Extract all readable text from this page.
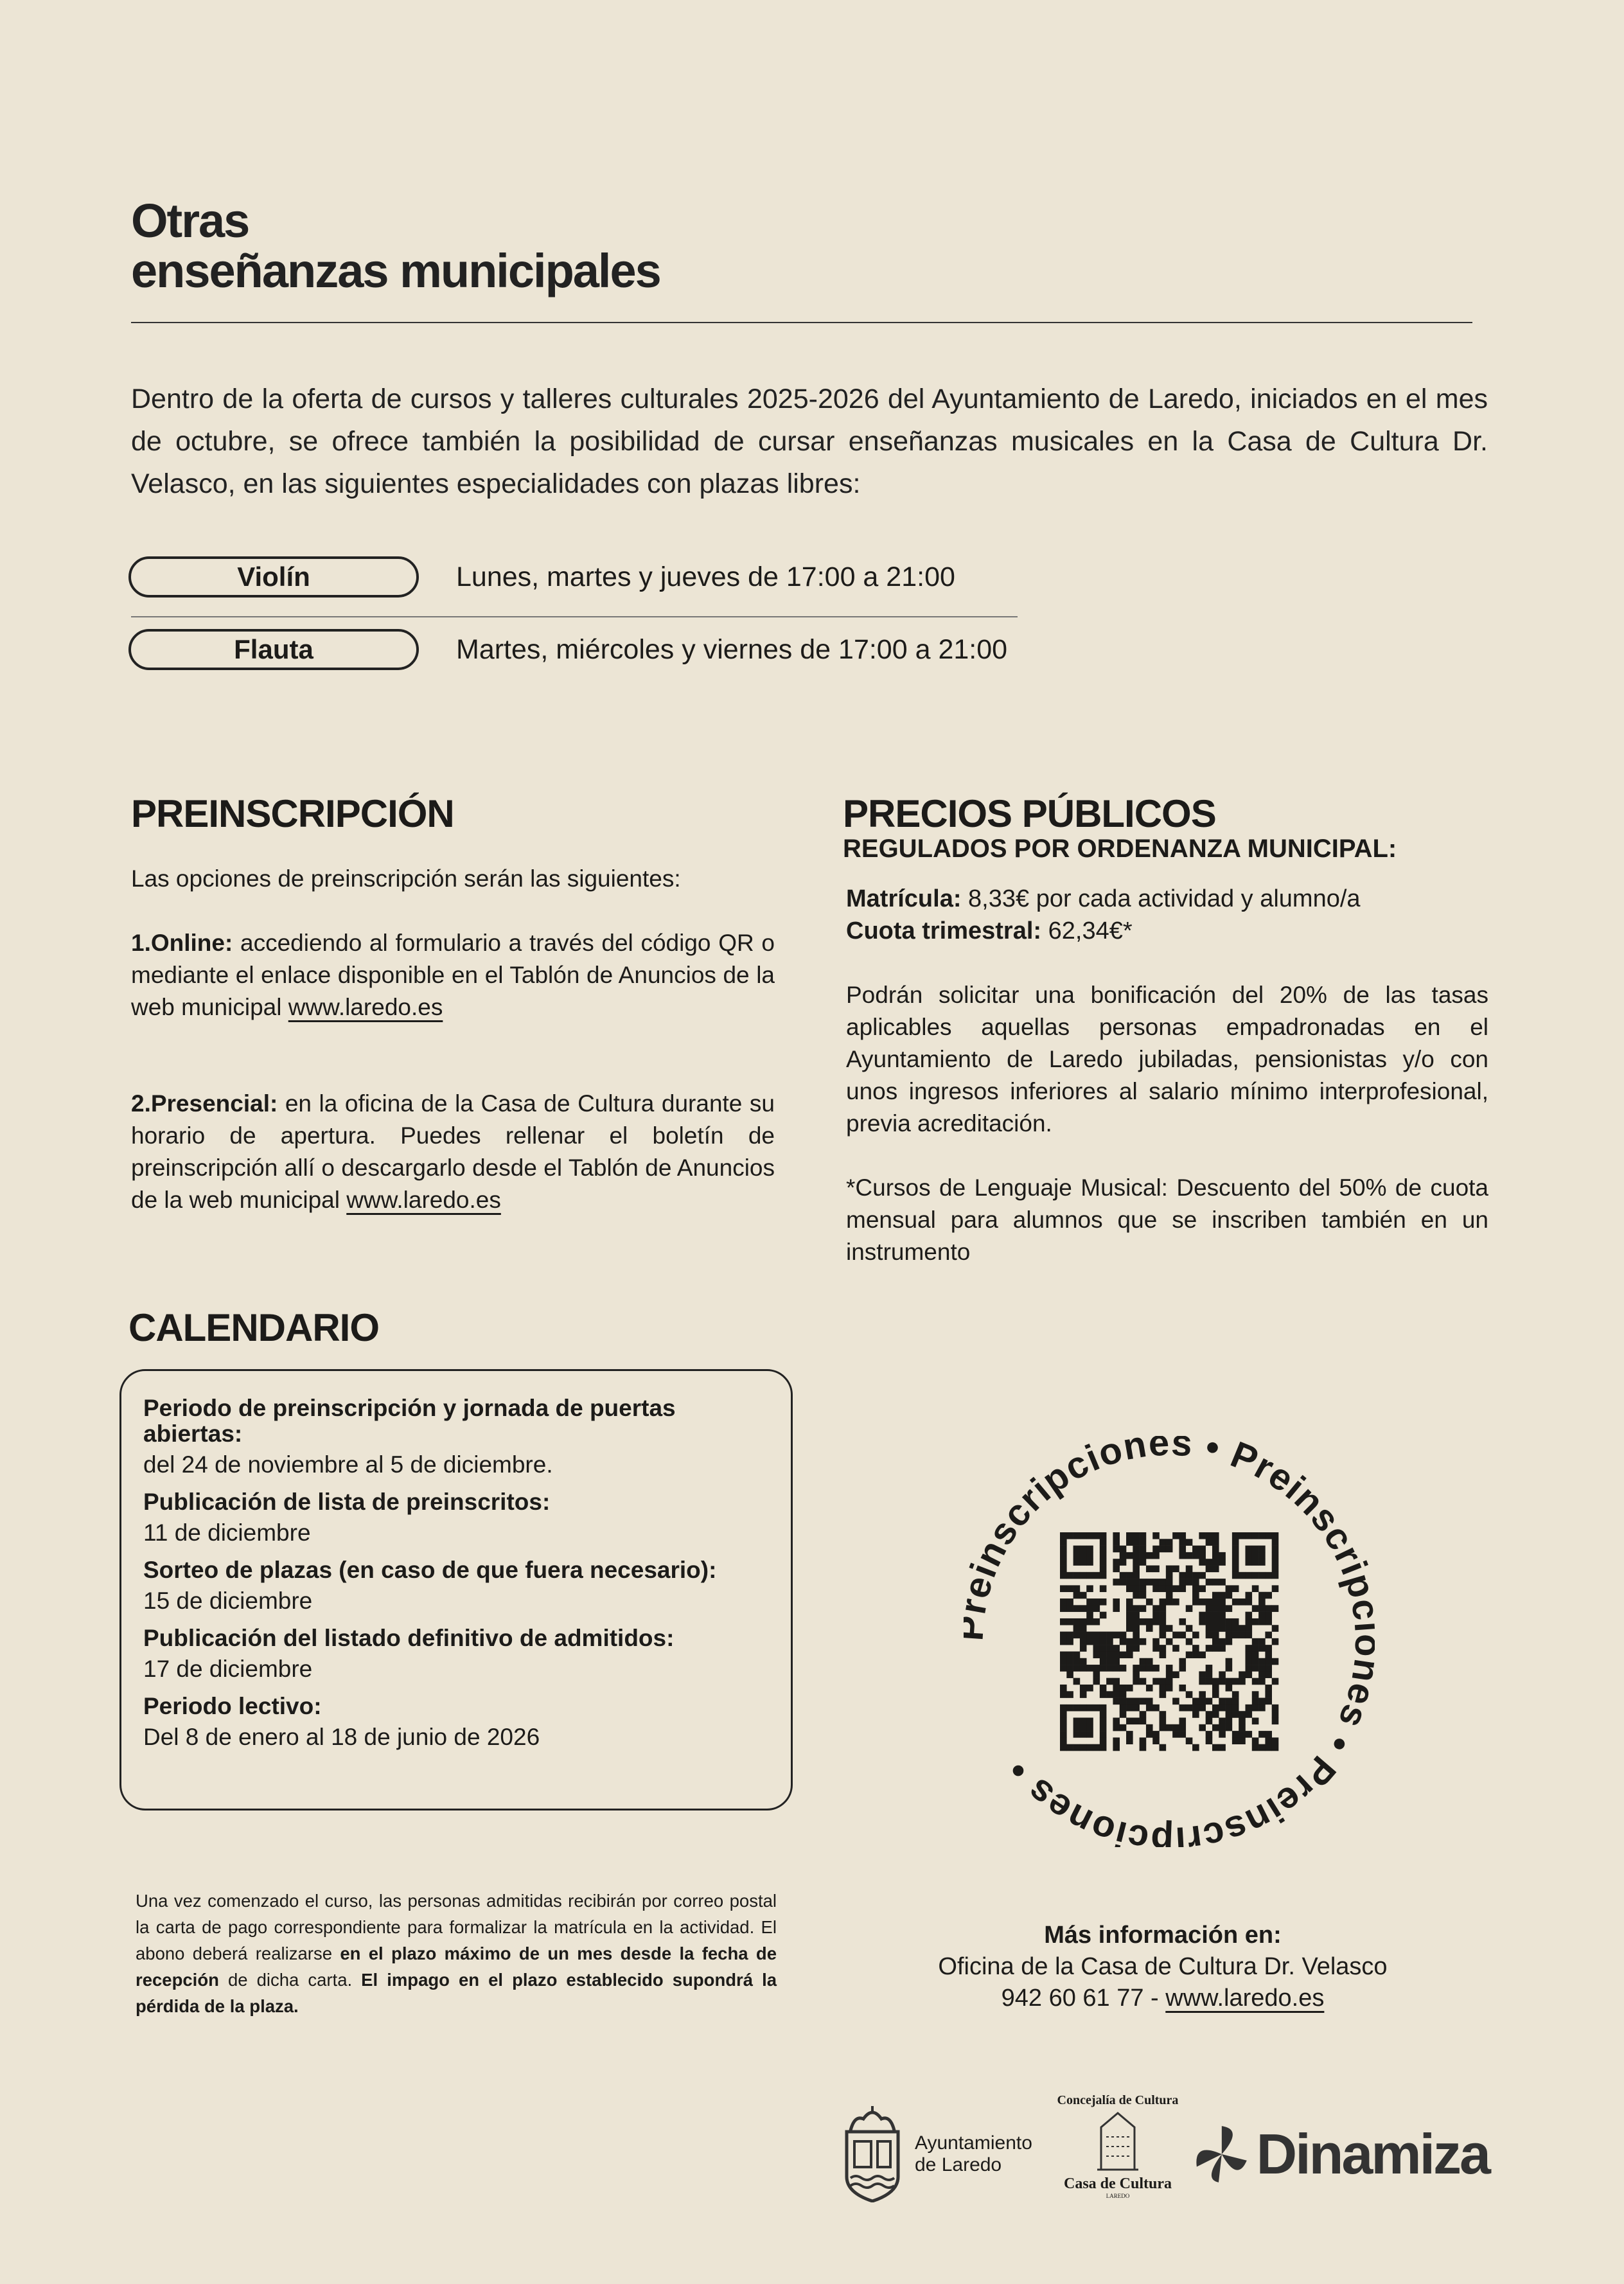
Otras
enseñanzas municipales
Dentro de la oferta de cursos y talleres culturales 2025-2026 del Ayuntamiento de Laredo, iniciados en el mes de octubre, se ofrece también la posibilidad de cursar enseñanzas musicales en la Casa de Cultura Dr. Velasco, en las siguientes especialidades con plazas libres:
Violín	Lunes, martes y jueves de 17:00 a 21:00
Flauta	Martes, miércoles y viernes de 17:00 a 21:00
PREINSCRIPCIÓN

Las opciones de preinscripción serán las siguientes:

1.Online: accediendo al formulario a través del código QR o mediante el enlace disponible en el Tablón de Anuncios de la web municipal www.laredo.es

2.Presencial: en la oficina de la Casa de Cultura durante su horario de apertura. Puedes rellenar el boletín de preinscripción allí o descargarlo desde el Tablón de Anuncios de la web municipal www.laredo.es

PRECIOS PÚBLICOS
REGULADOS POR ORDENANZA MUNICIPAL:

Matrícula: 8,33€ por cada actividad y alumno/a
Cuota trimestral: 62,34€*

Podrán solicitar una bonificación del 20% de las tasas aplicables aquellas personas empadronadas en el Ayuntamiento de Laredo jubiladas, pensionistas y/o con unos ingresos inferiores al salario mínimo interprofesional, previa acreditación.

*Cursos de Lenguaje Musical: Descuento del 50% de cuota mensual para alumnos que se inscriben también en un instrumento

CALENDARIO
Periodo de preinscripción y jornada de puertas abiertas:
del 24 de noviembre al 5 de diciembre.
Publicación de lista de preinscritos:
11 de diciembre
Sorteo de plazas (en caso de que fuera necesario):
15 de diciembre
Publicación del listado definitivo de admitidos:
17 de diciembre
Periodo lectivo:
Del 8 de enero al 18 de junio de 2026
inscripciones • Preinscri s • Preinscripciones •
Una vez comenzado el curso, las personas admitidas recibirán por correo postal la carta de pago correspondiente para formalizar la matrícula en la actividad. El abono deberá realizarse en el plazo máximo de un mes desde la fecha de recepción de dicha carta. El impago en el plazo establecido supondrá la pérdida de la plaza.
Más información en:
Oficina de la Casa de Cultura Dr. Velasco
942 60 61 77 - www.laredo.es
Ayuntamiento
de Laredo
Concejalía de Cultura
Casa de Cultura
LAREDO
Dinamiza
